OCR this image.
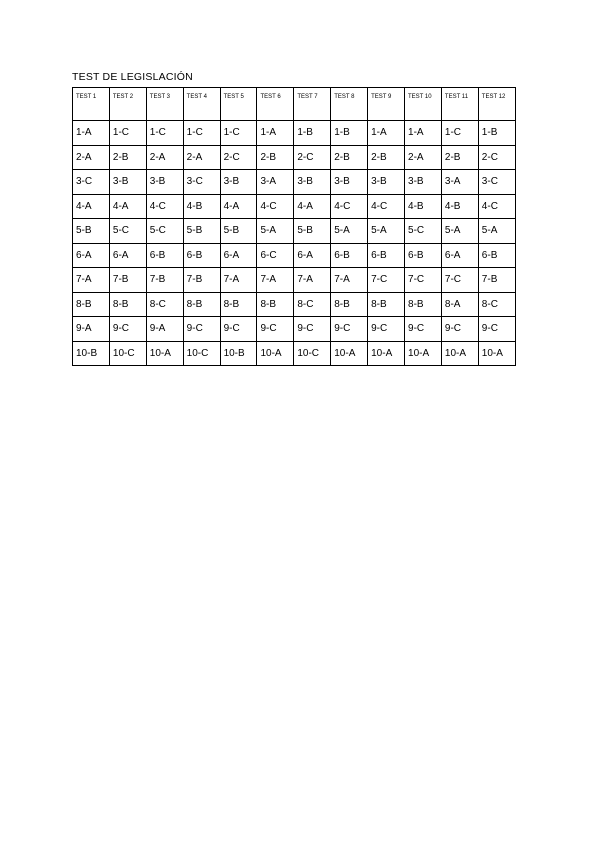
TEST DE LEGISLACIÓN
TEST 1	TEST 2	TEST 3	TEST 4	TEST 5	TEST 6	TEST 7	TEST 8	TEST 9	TEST 10	TEST 11	TEST 12
1-A	1-C	1-C	1-C	1-C	1-A	1-B	1-B	1-A	1-A	1-C	1-B
2-A	2-B	2-A	2-A	2-C	2-B	2-C	2-B	2-B	2-A	2-B	2-C
3-C	3-B	3-B	3-C	3-B	3-A	3-B	3-B	3-B	3-B	3-A	3-C
4-A	4-A	4-C	4-B	4-A	4-C	4-A	4-C	4-C	4-B	4-B	4-C
5-B	5-C	5-C	5-B	5-B	5-A	5-B	5-A	5-A	5-C	5-A	5-A
6-A	6-A	6-B	6-B	6-A	6-C	6-A	6-B	6-B	6-B	6-A	6-B
7-A	7-B	7-B	7-B	7-A	7-A	7-A	7-A	7-C	7-C	7-C	7-B
8-B	8-B	8-C	8-B	8-B	8-B	8-C	8-B	8-B	8-B	8-A	8-C
9-A	9-C	9-A	9-C	9-C	9-C	9-C	9-C	9-C	9-C	9-C	9-C
10-B	10-C	10-A	10-C	10-B	10-A	10-C	10-A	10-A	10-A	10-A	10-A
